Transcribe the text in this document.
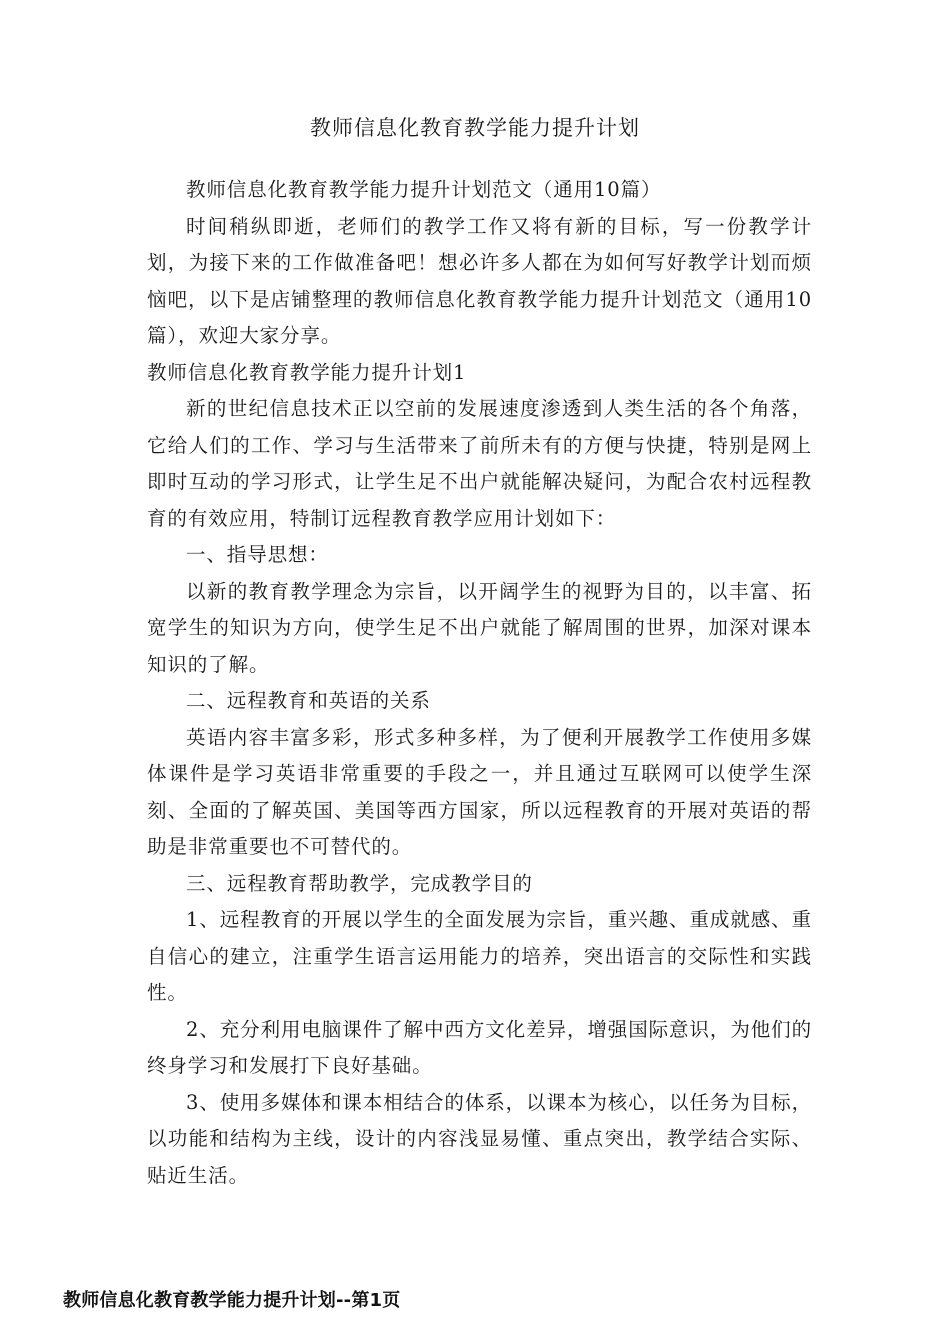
教师信息化教育教学能力提升计划

教师信息化教育教学能力提升计划范文（通用10篇）

时间稍纵即逝，老师们的教学工作又将有新的目标，写一份教学计划，为接下来的工作做准备吧！想必许多人都在为如何写好教学计划而烦恼吧，以下是店铺整理的教师信息化教育教学能力提升计划范文（通用10篇），欢迎大家分享。

教师信息化教育教学能力提升计划1

新的世纪信息技术正以空前的发展速度渗透到人类生活的各个角落，它给人们的工作、学习与生活带来了前所未有的方便与快捷，特别是网上即时互动的学习形式，让学生足不出户就能解决疑问，为配合农村远程教育的有效应用，特制订远程教育教学应用计划如下：

一、指导思想：

以新的教育教学理念为宗旨，以开阔学生的视野为目的，以丰富、拓宽学生的知识为方向，使学生足不出户就能了解周围的世界，加深对课本知识的了解。

二、远程教育和英语的关系

英语内容丰富多彩，形式多种多样，为了便利开展教学工作使用多媒体课件是学习英语非常重要的手段之一，并且通过互联网可以使学生深刻、全面的了解英国、美国等西方国家，所以远程教育的开展对英语的帮助是非常重要也不可替代的。

三、远程教育帮助教学，完成教学目的

1、远程教育的开展以学生的全面发展为宗旨，重兴趣、重成就感、重自信心的建立，注重学生语言运用能力的培养，突出语言的交际性和实践性。

2、充分利用电脑课件了解中西方文化差异，增强国际意识，为他们的终身学习和发展打下良好基础。

3、使用多媒体和课本相结合的体系，以课本为核心，以任务为目标，以功能和结构为主线，设计的内容浅显易懂、重点突出，教学结合实际、贴近生活。

教师信息化教育教学能力提升计划--第1页
